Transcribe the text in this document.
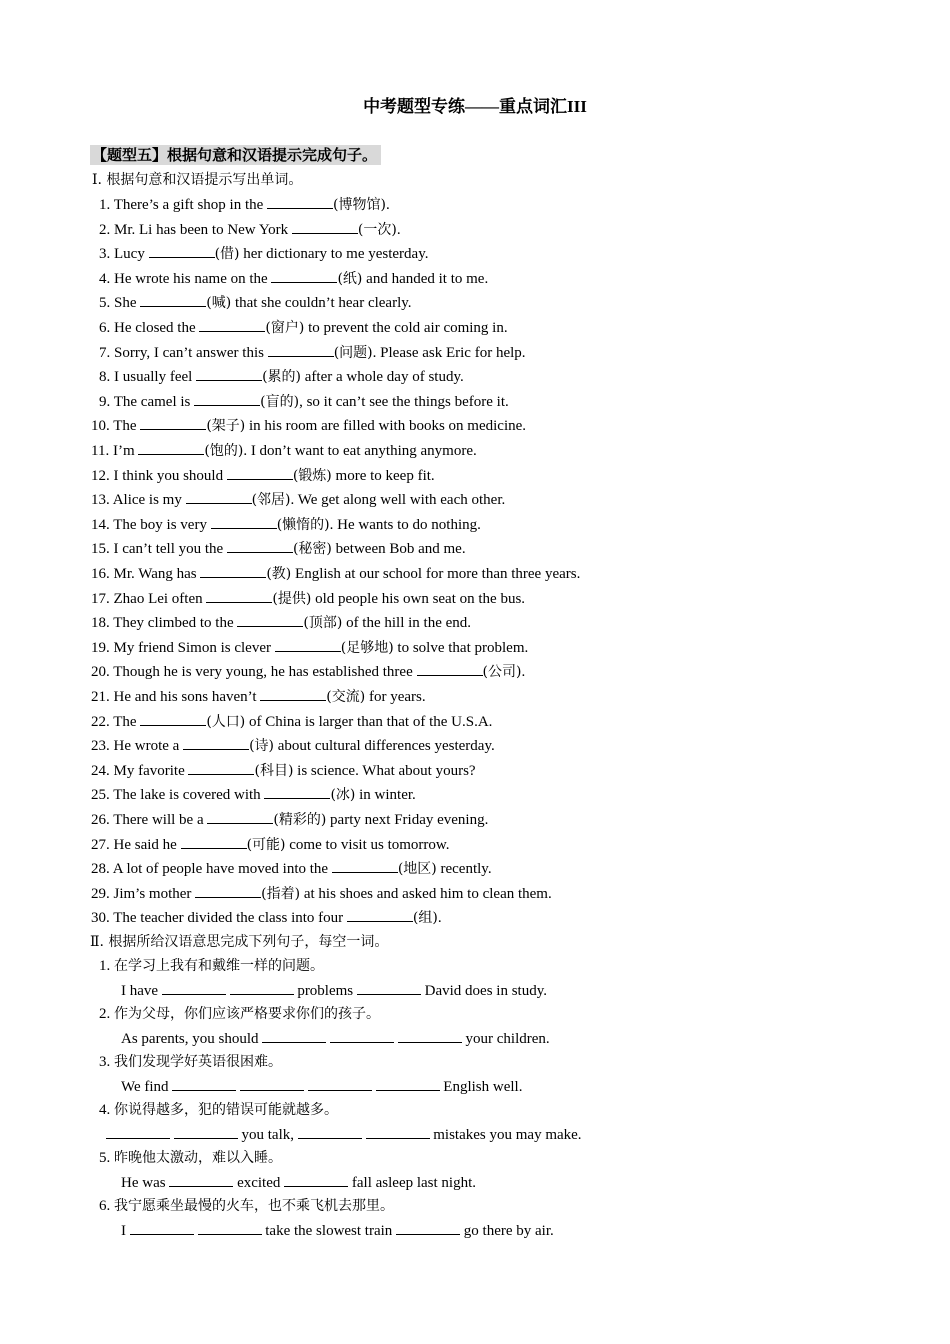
中考题型专练——重点词汇III
【题型五】根据句意和汉语提示完成句子。
Ⅰ. 根据句意和汉语提示写出单词。
1. There’s a gift shop in the	(博物馆).
2. Mr. Li has been to New York	(一次).
3. Lucy	(借) her dictionary to me yesterday.
4. He wrote his name on the	(纸) and handed it to me.
5. She	(喊) that she couldn’t hear clearly.
6. He closed the	(窗户) to prevent the cold air coming in.
7. Sorry, I can’t answer this	(问题). Please ask Eric for help.
8. I usually feel	(累的) after a whole day of study.
9. The camel is	(盲的), so it can’t see the things before it.
10. The	(架子) in his room are filled with books on medicine.
11. I’m	(饱的). I don’t want to eat anything anymore.
12. I think you should	(锻炼) more to keep fit.
13. Alice is my	(邻居). We get along well with each other.
14. The boy is very	(懒惰的). He wants to do nothing.
15. I can’t tell you the	(秘密) between Bob and me.
16. Mr. Wang has	(教) English at our school for more than three years.
17. Zhao Lei often	(提供) old people his own seat on the bus.
18. They climbed to the	(顶部) of the hill in the end.
19. My friend Simon is clever	(足够地) to solve that problem.
20. Though he is very young, he has established three	(公司).
21. He and his sons haven’t	(交流) for years.
22. The	(人口) of China is larger than that of the U.S.A.
23. He wrote a	(诗) about cultural differences yesterday.
24. My favorite	(科目) is science. What about yours?
25. The lake is covered with	(冰) in winter.
26. There will be a	(精彩的) party next Friday evening.
27. He said he	(可能) come to visit us tomorrow.
28. A lot of people have moved into the	(地区) recently.
29. Jim’s mother	(指着) at his shoes and asked him to clean them.
30. The teacher divided the class into four	(组).
Ⅱ. 根据所给汉语意思完成下列句子，每空一词。
1. 在学习上我有和戴维一样的问题。
I have	problems	David does in study.
2. 作为父母，你们应该严格要求你们的孩子。
As parents, you should	your children.
3. 我们发现学好英语很困难。
We find	English well.
4. 你说得越多，犯的错误可能就越多。
you talk,	mistakes you may make.
5. 昨晚他太激动，难以入睡。
He was	excited	fall asleep last night.
6. 我宁愿乘坐最慢的火车，也不乘飞机去那里。
I	take the slowest train	go there by air.
